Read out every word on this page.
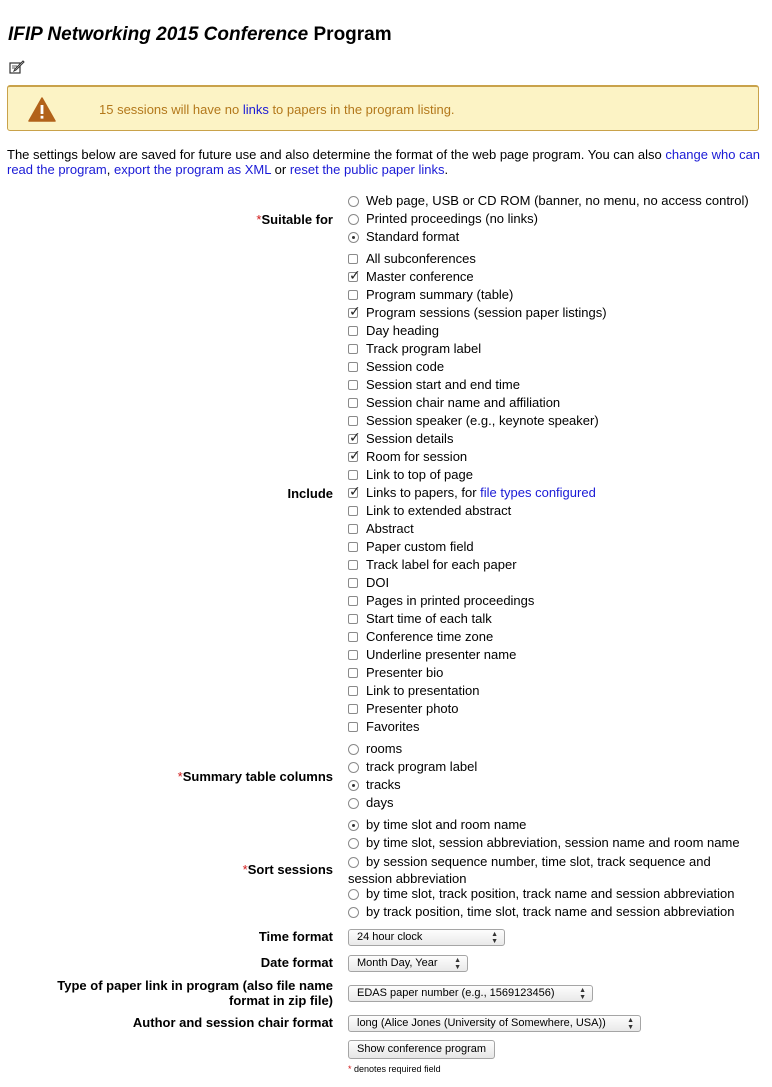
IFIP Networking 2015 Conference Program
15 sessions will have no links to papers in the program listing.
The settings below are saved for future use and also determine the format of the web page program. You can also change who can read the program, export the program as XML or reset the public paper links.
*Suitable for
Web page, USB or CD ROM (banner, no menu, no access control)
Printed proceedings (no links)
Standard format
Include
All subconferences
✓Master conference
Program summary (table)
✓Program sessions (session paper listings)
Day heading
Track program label
Session code
Session start and end time
Session chair name and affiliation
Session speaker (e.g., keynote speaker)
✓Session details
✓Room for session
Link to top of page
✓Links to papers, for file types configured
Link to extended abstract
Abstract
Paper custom field
Track label for each paper
DOI
Pages in printed proceedings
Start time of each talk
Conference time zone
Underline presenter name
Presenter bio
Link to presentation
Presenter photo
Favorites
*Summary table columns
rooms
track program label
tracks
days
*Sort sessions
by time slot and room name
by time slot, session abbreviation, session name and room name
by session sequence number, time slot, track sequence and session abbreviation
by time slot, track position, track name and session abbreviation
by track position, time slot, track name and session abbreviation
Time format	24 hour clock	▲
▼
Date format	Month Day, Year ▲
▼
Type of paper link in program (also file name
format in zip file)	EDAS paper number (e.g., 1569123456)	▲
▼
Author and session chair format	long (Alice Jones (University of Somewhere, USA))	▲
▼
Show conference program
* denotes required field
